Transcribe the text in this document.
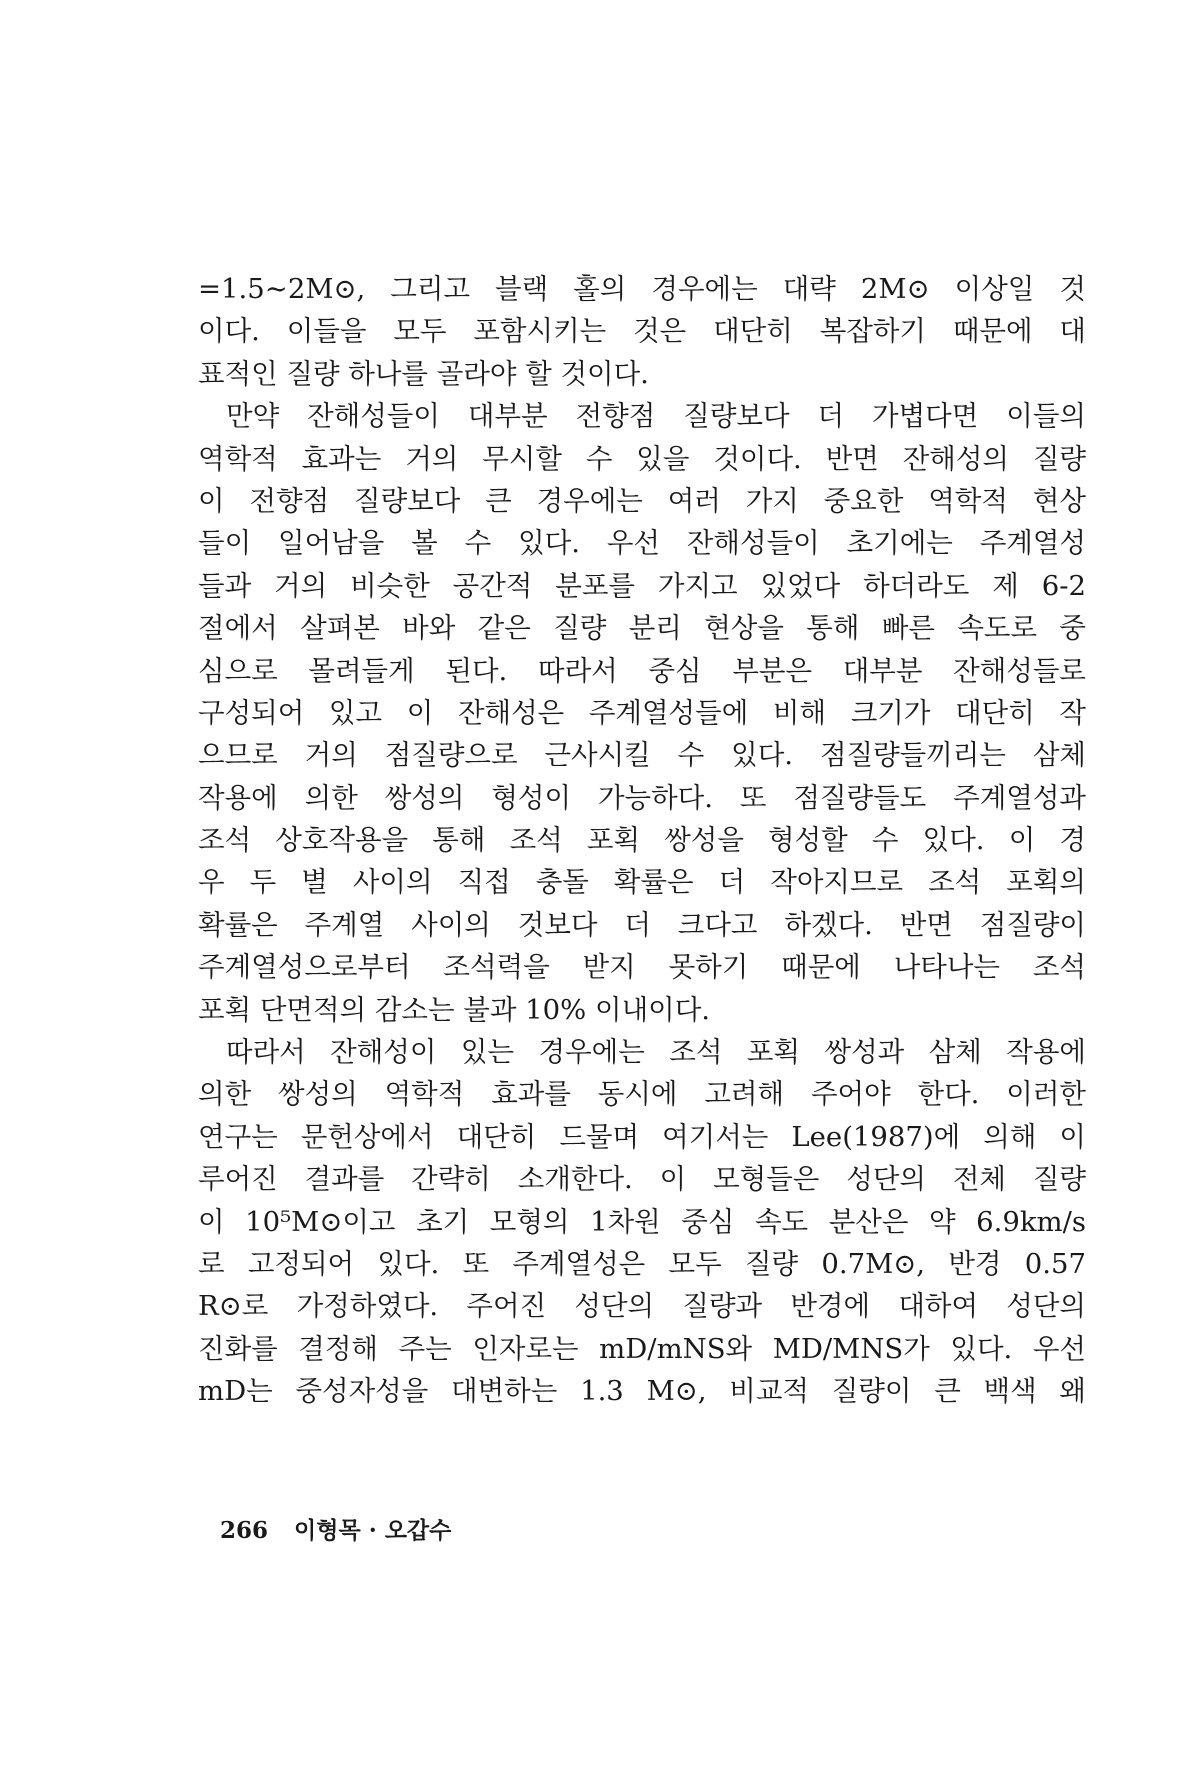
=1.5∼2M⊙, 그리고 블랙 홀의 경우에는 대략 2M⊙ 이상일 것
이다. 이들을 모두 포함시키는 것은 대단히 복잡하기 때문에 대
표적인 질량 하나를 골라야 할 것이다.
만약 잔해성들이 대부분 전향점 질량보다 더 가볍다면 이들의
역학적 효과는 거의 무시할 수 있을 것이다. 반면 잔해성의 질량
이 전향점 질량보다 큰 경우에는 여러 가지 중요한 역학적 현상
들이 일어남을 볼 수 있다. 우선 잔해성들이 초기에는 주계열성
들과 거의 비슷한 공간적 분포를 가지고 있었다 하더라도 제 6-2
절에서 살펴본 바와 같은 질량 분리 현상을 통해 빠른 속도로 중
심으로 몰려들게 된다. 따라서 중심 부분은 대부분 잔해성들로
구성되어 있고 이 잔해성은 주계열성들에 비해 크기가 대단히 작
으므로 거의 점질량으로 근사시킬 수 있다. 점질량들끼리는 삼체
작용에 의한 쌍성의 형성이 가능하다. 또 점질량들도 주계열성과
조석 상호작용을 통해 조석 포획 쌍성을 형성할 수 있다. 이 경
우 두 별 사이의 직접 충돌 확률은 더 작아지므로 조석 포획의
확률은 주계열 사이의 것보다 더 크다고 하겠다. 반면 점질량이
주계열성으로부터 조석력을 받지 못하기 때문에 나타나는 조석
포획 단면적의 감소는 불과 10% 이내이다.
따라서 잔해성이 있는 경우에는 조석 포획 쌍성과 삼체 작용에
의한 쌍성의 역학적 효과를 동시에 고려해 주어야 한다. 이러한
연구는 문헌상에서 대단히 드물며 여기서는 Lee(1987)에 의해 이
루어진 결과를 간략히 소개한다. 이 모형들은 성단의 전체 질량
이 10⁵M⊙이고 초기 모형의 1차원 중심 속도 분산은 약 6.9km/s
로 고정되어 있다. 또 주계열성은 모두 질량 0.7M⊙, 반경 0.57
R⊙로 가정하였다. 주어진 성단의 질량과 반경에 대하여 성단의
진화를 결정해 주는 인자로는 mD/mNS와 MD/MNS가 있다. 우선
mD는 중성자성을 대변하는 1.3 M⊙, 비교적 질량이 큰 백색 왜
266 이형목 · 오갑수
